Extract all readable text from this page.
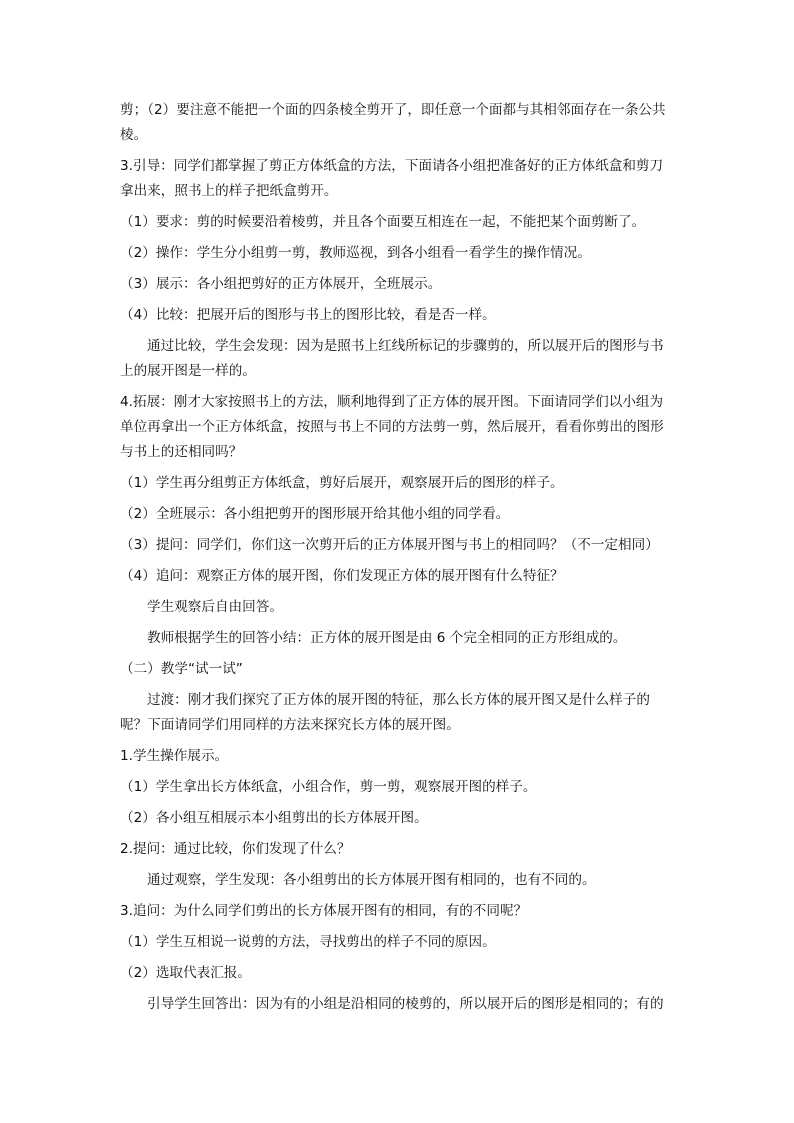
剪；（2）要注意不能把一个面的四条棱全剪开了，即任意一个面都与其相邻面存在一条公共棱。

3.引导：同学们都掌握了剪正方体纸盒的方法，下面请各小组把准备好的正方体纸盒和剪刀拿出来，照书上的样子把纸盒剪开。

（1）要求：剪的时候要沿着棱剪，并且各个面要互相连在一起，不能把某个面剪断了。

（2）操作：学生分小组剪一剪，教师巡视，到各小组看一看学生的操作情况。

（3）展示：各小组把剪好的正方体展开，全班展示。

（4）比较：把展开后的图形与书上的图形比较，看是否一样。

通过比较，学生会发现：因为是照书上红线所标记的步骤剪的，所以展开后的图形与书上的展开图是一样的。

4.拓展：刚才大家按照书上的方法，顺利地得到了正方体的展开图。下面请同学们以小组为单位再拿出一个正方体纸盒，按照与书上不同的方法剪一剪，然后展开，看看你剪出的图形与书上的还相同吗？

（1）学生再分组剪正方体纸盒，剪好后展开，观察展开后的图形的样子。

（2）全班展示：各小组把剪开的图形展开给其他小组的同学看。

（3）提问：同学们，你们这一次剪开后的正方体展开图与书上的相同吗？（不一定相同）

（4）追问：观察正方体的展开图，你们发现正方体的展开图有什么特征？

学生观察后自由回答。

教师根据学生的回答小结：正方体的展开图是由 6 个完全相同的正方形组成的。

（二）教学“试一试”

过渡：刚才我们探究了正方体的展开图的特征，那么长方体的展开图又是什么样子的呢？下面请同学们用同样的方法来探究长方体的展开图。

1.学生操作展示。

（1）学生拿出长方体纸盒，小组合作，剪一剪，观察展开图的样子。

（2）各小组互相展示本小组剪出的长方体展开图。

2.提问：通过比较，你们发现了什么？

通过观察，学生发现：各小组剪出的长方体展开图有相同的，也有不同的。

3.追问：为什么同学们剪出的长方体展开图有的相同，有的不同呢？

（1）学生互相说一说剪的方法，寻找剪出的样子不同的原因。

（2）选取代表汇报。

引导学生回答出：因为有的小组是沿相同的棱剪的，所以展开后的图形是相同的；有的
